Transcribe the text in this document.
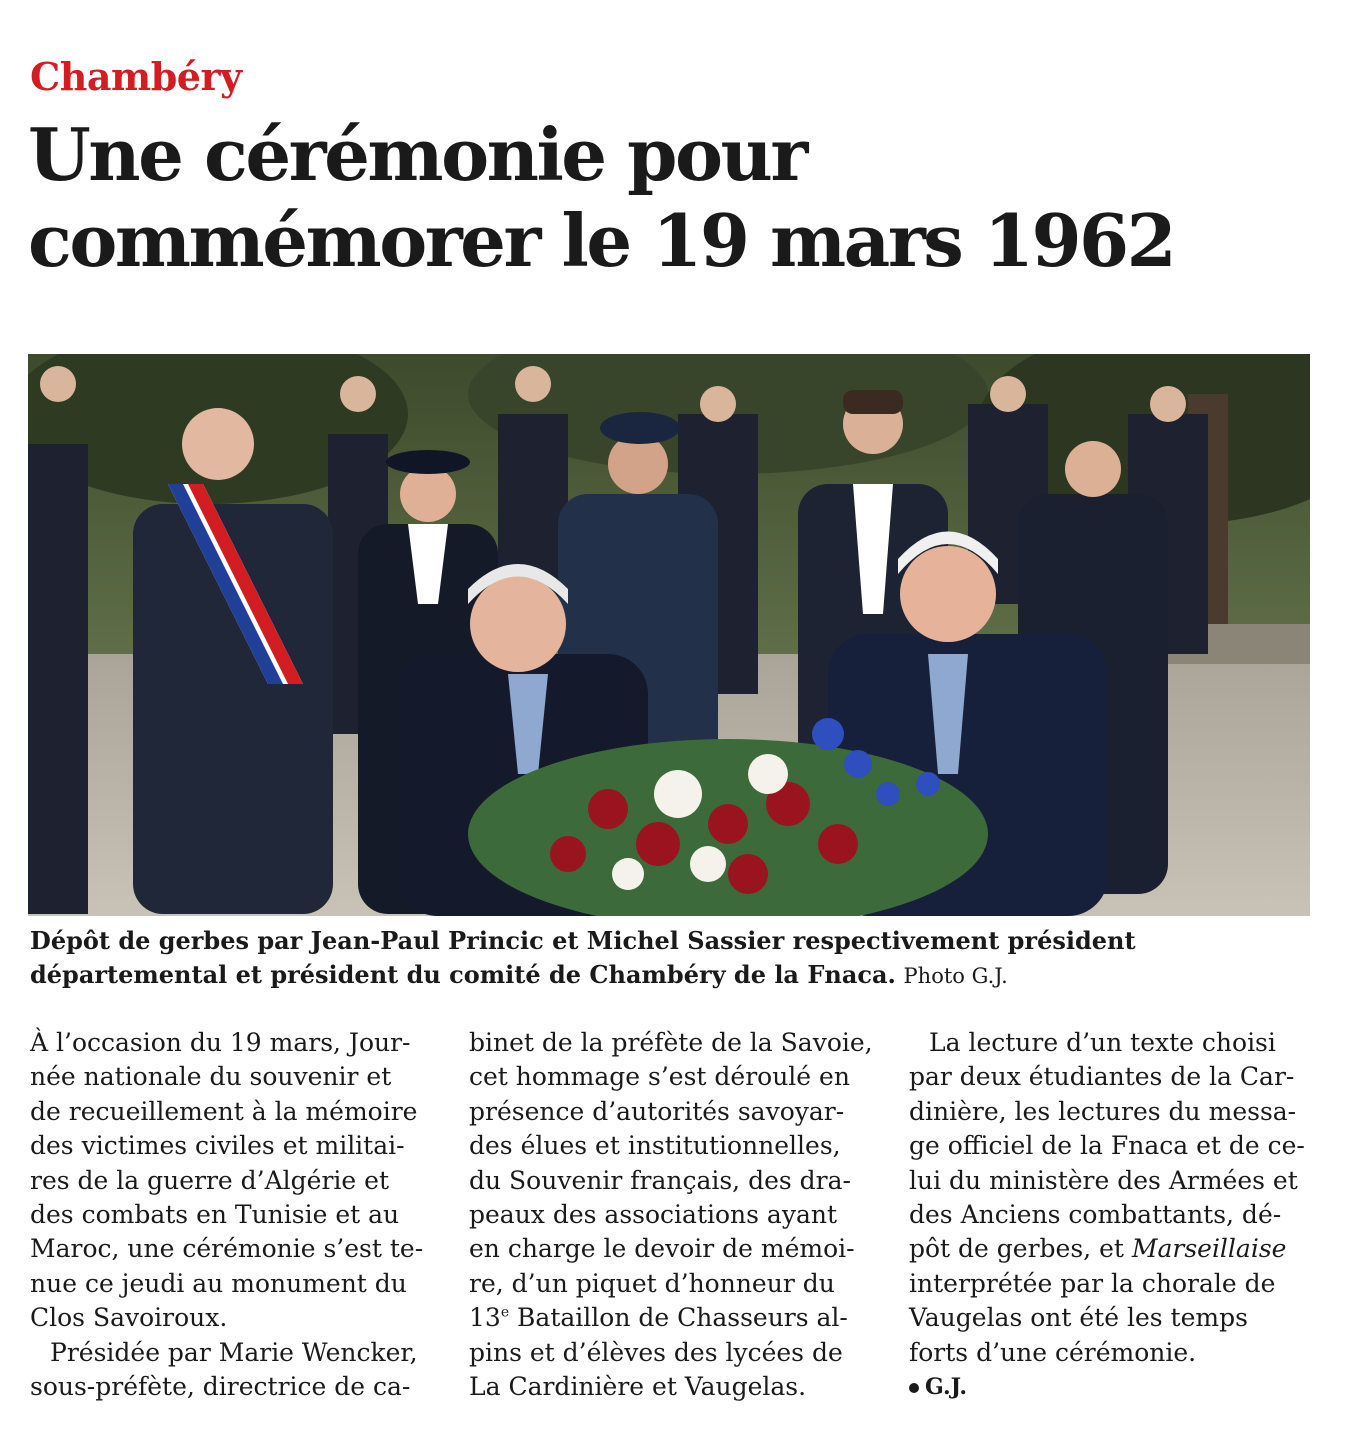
Chambéry
Une cérémonie pour
commémorer le 19 mars 1962

Dépôt de gerbes par Jean-Paul Princic et Michel Sassier respectivement président départemental et président du comité de Chambéry de la Fnaca. Photo G.J.

À l’occasion du 19 mars, Jour-
née nationale du souvenir et
de recueillement à la mémoire
des victimes civiles et militai-
res de la guerre d’Algérie et
des combats en Tunisie et au
Maroc, une cérémonie s’est te-
nue ce jeudi au monument du
Clos Savoiroux.
Présidée par Marie Wencker,
sous-préfète, directrice de ca-
binet de la préfète de la Savoie,
cet hommage s’est déroulé en
présence d’autorités savoyar-
des élues et institutionnelles,
du Souvenir français, des dra-
peaux des associations ayant
en charge le devoir de mémoi-
re, d’un piquet d’honneur du
13e Bataillon de Chasseurs al-
pins et d’élèves des lycées de
La Cardinière et Vaugelas.
La lecture d’un texte choisi
par deux étudiantes de la Car-
dinière, les lectures du messa-
ge officiel de la Fnaca et de ce-
lui du ministère des Armées et
des Anciens combattants, dé-
pôt de gerbes, et Marseillaise
interprétée par la chorale de
Vaugelas ont été les temps
forts d’une cérémonie.
G.J.
